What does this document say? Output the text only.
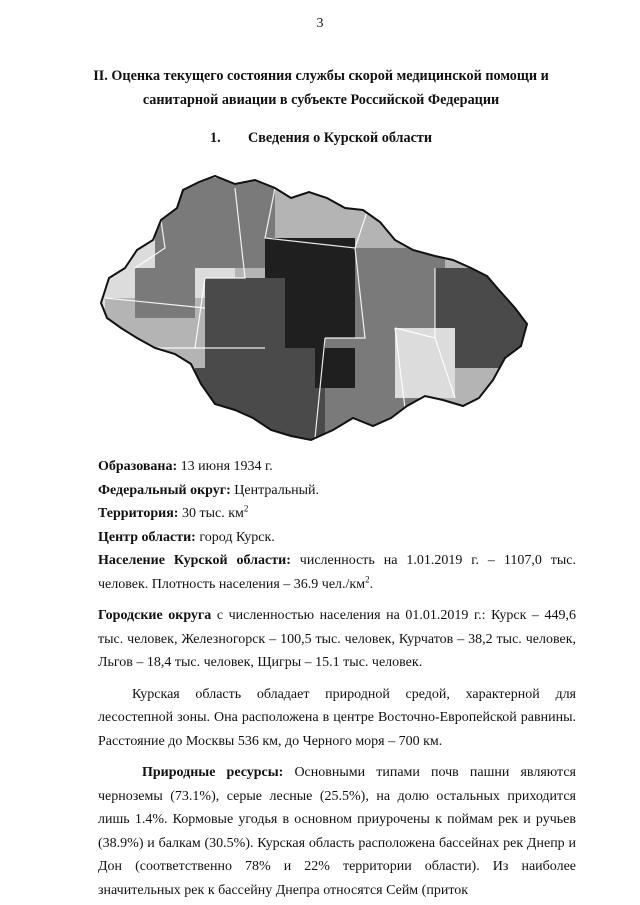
3
II. Оценка текущего состояния службы скорой медицинской помощи и санитарной авиации в субъекте Российской Федерации
1. Сведения о Курской области

Образована: 13 июня 1934 г.

Федеральный округ: Центральный.

Территория: 30 тыс. $км^2$

Центр области: город Курск.

Население Курской области: численность на 1.01.2019 г. – 1107,0 тыс. человек. Плотность населения – 36.9 $чел./км^2$.

Городские округа с численностью населения на 01.01.2019 г.: Курск – 449,6 тыс. человек, Железногорск – 100,5 тыс. человек, Курчатов – 38,2 тыс. человек, Льгов – 18,4 тыс. человек, Щигры – 15.1 тыс. человек.

Курская область обладает природной средой, характерной для лесостепной зоны. Она расположена в центре Восточно-Европейской равнины. Расстояние до Москвы 536 км, до Черного моря – 700 км.

Природные ресурсы: Основными типами почв пашни являются черноземы (73.1%), серые лесные (25.5%), на долю остальных приходится лишь 1.4%. Кормовые угодья в основном приурочены к поймам рек и ручьев (38.9%) и балкам (30.5%). Курская область расположена бассейнах рек Днепр и Дон (соответственно 78% и 22% территории области). Из наиболее значительных рек к бассейну Днепра относятся Сейм (приток
